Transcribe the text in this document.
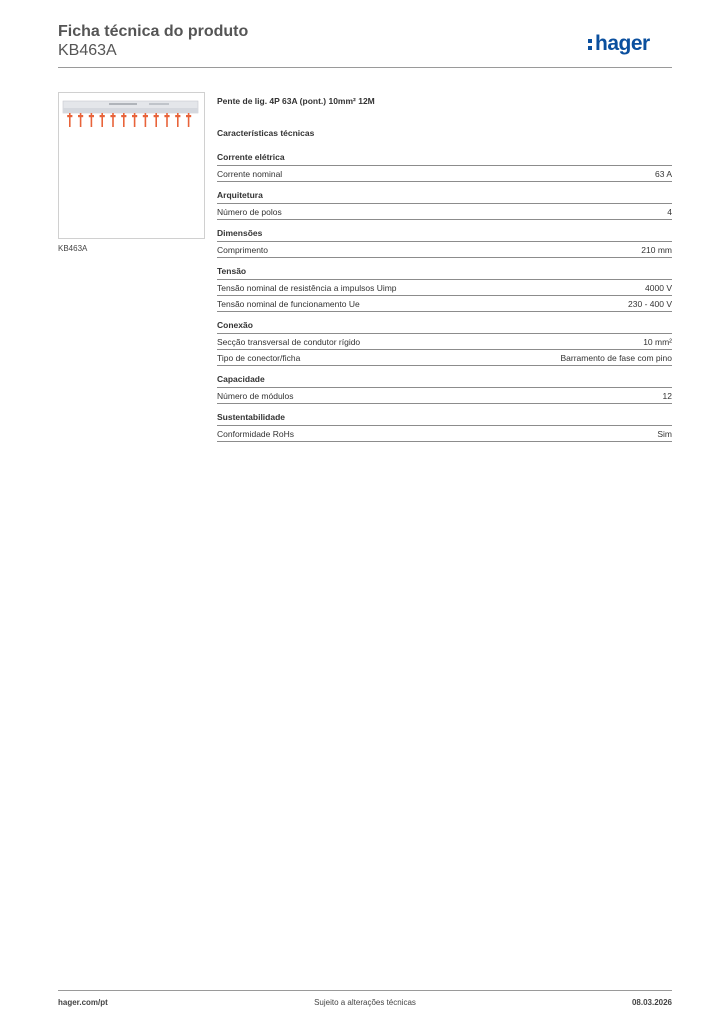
Ficha técnica do produto
KB463A	hager
KB463A
Pente de lig. 4P 63A (pont.) 10mm² 12M
Características técnicas
Corrente elétrica
Corrente nominal	63 A
Arquitetura
Número de polos	4
Dimensões
Comprimento	210 mm
Tensão
Tensão nominal de resistência a impulsos Uimp	4000 V
Tensão nominal de funcionamento Ue	230 - 400 V
Conexão
Secção transversal de condutor rígido	10 mm²
Tipo de conector/ficha	Barramento de fase com pino
Capacidade
Número de módulos	12
Sustentabilidade
Conformidade RoHs	Sim
hager.com/pt	Sujeito a alterações técnicas	08.03.2026
